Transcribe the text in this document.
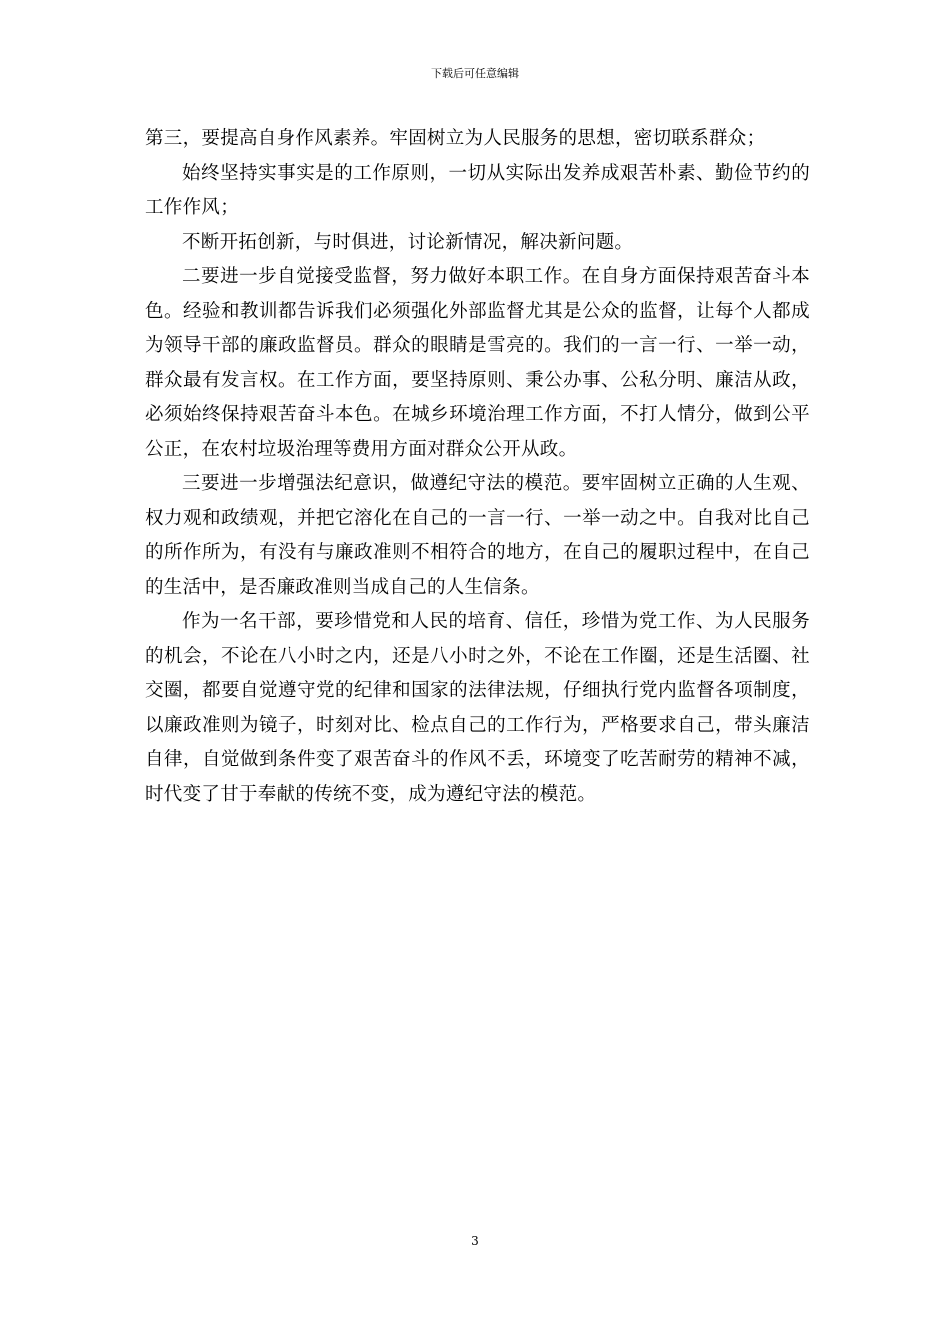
下载后可任意编辑

第三，要提高自身作风素养。牢固树立为人民服务的思想，密切联系群众；

始终坚持实事实是的工作原则，一切从实际出发养成艰苦朴素、勤俭节约的工作作风；

不断开拓创新，与时俱进，讨论新情况，解决新问题。

二要进一步自觉接受监督，努力做好本职工作。在自身方面保持艰苦奋斗本色。经验和教训都告诉我们必须强化外部监督尤其是公众的监督，让每个人都成为领导干部的廉政监督员。群众的眼睛是雪亮的。我们的一言一行、一举一动，群众最有发言权。在工作方面，要坚持原则、秉公办事、公私分明、廉洁从政，必须始终保持艰苦奋斗本色。在城乡环境治理工作方面，不打人情分，做到公平公正，在农村垃圾治理等费用方面对群众公开从政。

三要进一步增强法纪意识，做遵纪守法的模范。要牢固树立正确的人生观、权力观和政绩观，并把它溶化在自己的一言一行、一举一动之中。自我对比自己的所作所为，有没有与廉政准则不相符合的地方，在自己的履职过程中，在自己的生活中，是否廉政准则当成自己的人生信条。

作为一名干部，要珍惜党和人民的培育、信任，珍惜为党工作、为人民服务的机会，不论在八小时之内，还是八小时之外，不论在工作圈，还是生活圈、社交圈，都要自觉遵守党的纪律和国家的法律法规，仔细执行党内监督各项制度，以廉政准则为镜子，时刻对比、检点自己的工作行为，严格要求自己，带头廉洁自律，自觉做到条件变了艰苦奋斗的作风不丢，环境变了吃苦耐劳的精神不减，时代变了甘于奉献的传统不变，成为遵纪守法的模范。

3
